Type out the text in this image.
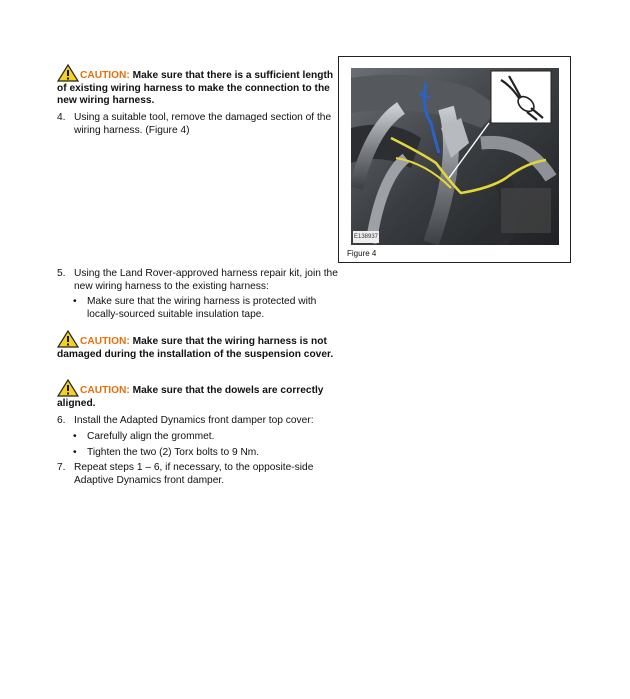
CAUTION: Make sure that there is a sufficient length of existing wiring harness to make the connection to the new wiring harness.
4. Using a suitable tool, remove the damaged section of the wiring harness. (Figure 4)
E138937
Figure 4
5. Using the Land Rover-approved harness repair kit, join the new wiring harness to the existing harness:
• Make sure that the wiring harness is protected with locally-sourced suitable insulation tape.
CAUTION: Make sure that the wiring harness is not damaged during the installation of the suspension cover.
CAUTION: Make sure that the dowels are correctly aligned.
6. Install the Adapted Dynamics front damper top cover:
• Carefully align the grommet.
• Tighten the two (2) Torx bolts to 9 Nm.
7. Repeat steps 1 – 6, if necessary, to the opposite-side Adaptive Dynamics front damper.
